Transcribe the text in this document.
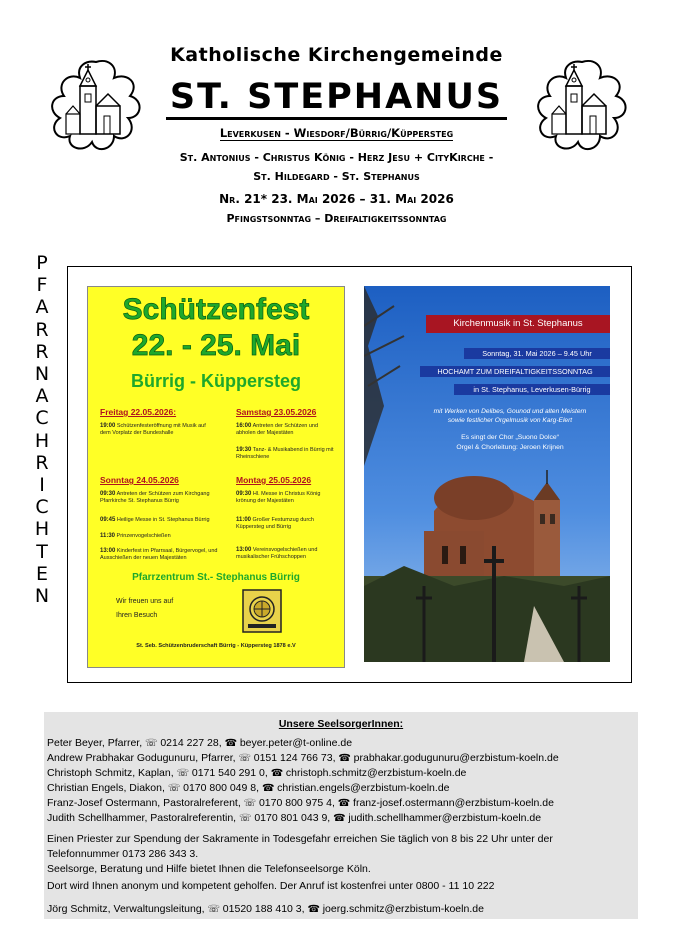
Katholische Kirchengemeinde
ST. STEPHANUS
Leverkusen - Wiesdorf/Bürrig/Küppersteg
St. Antonius - Christus König - Herz Jesu + CityKirche -
St. Hildegard - St. Stephanus
Nr. 21* 23. Mai 2026 – 31. Mai 2026
Pfingstsonntag – Dreifaltigkeitssonntag
P
F
A
R
R
N
A
C
H
R
I
C
H
T
E
N
Schützenfest
22. - 25. Mai
Bürrig - Küppersteg
Freitag 22.05.2026:
19:00 Schützenfesteröffnung mit Musik auf dem Vorplatz der Bundeshalle
Samstag 23.05.2026
16:00 Antreten der Schützen und abholen der Majestäten
19:30 Tanz- & Musikabend in Bürrig mit Rheinschiene
Sonntag 24.05.2026
09:30 Antreten der Schützen zum Kirchgang Pfarrkirche St. Stephanus Bürrig
09:45 Heilige Messe in St. Stephanus Bürrig
11:30 Prinzenvogelschießen
13:00 Kinderfest im Pfarrsaal, Bürgervogel, und Ausschießen der neuen Majestäten
Montag 25.05.2026
09:30 Hl. Messe in Christus König krönung der Majestäten
11:00 Großer Festumzug durch Küppersteg und Bürrig
13:00 Vereinsvogelschießen und musikalischer Frühschoppen
Pfarrzentrum St.- Stephanus Bürrig
Wir freuen uns auf
Ihren Besuch
St. Seb. Schützenbruderschaft Bürrig - Küppersteg 1878 e.V
Kirchenmusik in St. Stephanus
Sonntag, 31. Mai 2026 – 9.45 Uhr
HOCHAMT ZUM DREIFALTIGKEITSSONNTAG
in St. Stephanus, Leverkusen-Bürrig
mit Werken von Delibes, Gounod und alten Meistern
sowie festlicher Orgelmusik von Karg-Elert
Es singt der Chor „Suono Dolce“
Orgel & Chorleitung: Jeroen Krijnen
Unsere SeelsorgerInnen:
Peter Beyer, Pfarrer, ☏ 0214 227 28, ☎ beyer.peter@t-online.de
Andrew Prabhakar Godugunuru, Pfarrer, ☏ 0151 124 766 73, ☎ prabhakar.godugunuru@erzbistum-koeln.de
Christoph Schmitz, Kaplan, ☏ 0171 540 291 0, ☎ christoph.schmitz@erzbistum-koeln.de
Christian Engels, Diakon, ☏ 0170 800 049 8, ☎ christian.engels@erzbistum-koeln.de
Franz-Josef Ostermann, Pastoralreferent, ☏ 0170 800 975 4, ☎ franz-josef.ostermann@erzbistum-koeln.de
Judith Schellhammer, Pastoralreferentin, ☏ 0170 801 043 9, ☎ judith.schellhammer@erzbistum-koeln.de
Einen Priester zur Spendung der Sakramente in Todesgefahr erreichen Sie täglich von 8 bis 22 Uhr unter der
Telefonnummer 0173 286 343 3.
Seelsorge, Beratung und Hilfe bietet Ihnen die Telefonseelsorge Köln.
Dort wird Ihnen anonym und kompetent geholfen. Der Anruf ist kostenfrei unter 0800 - 11 10 222
Jörg Schmitz, Verwaltungsleitung, ☏ 01520 188 410 3, ☎ joerg.schmitz@erzbistum-koeln.de
